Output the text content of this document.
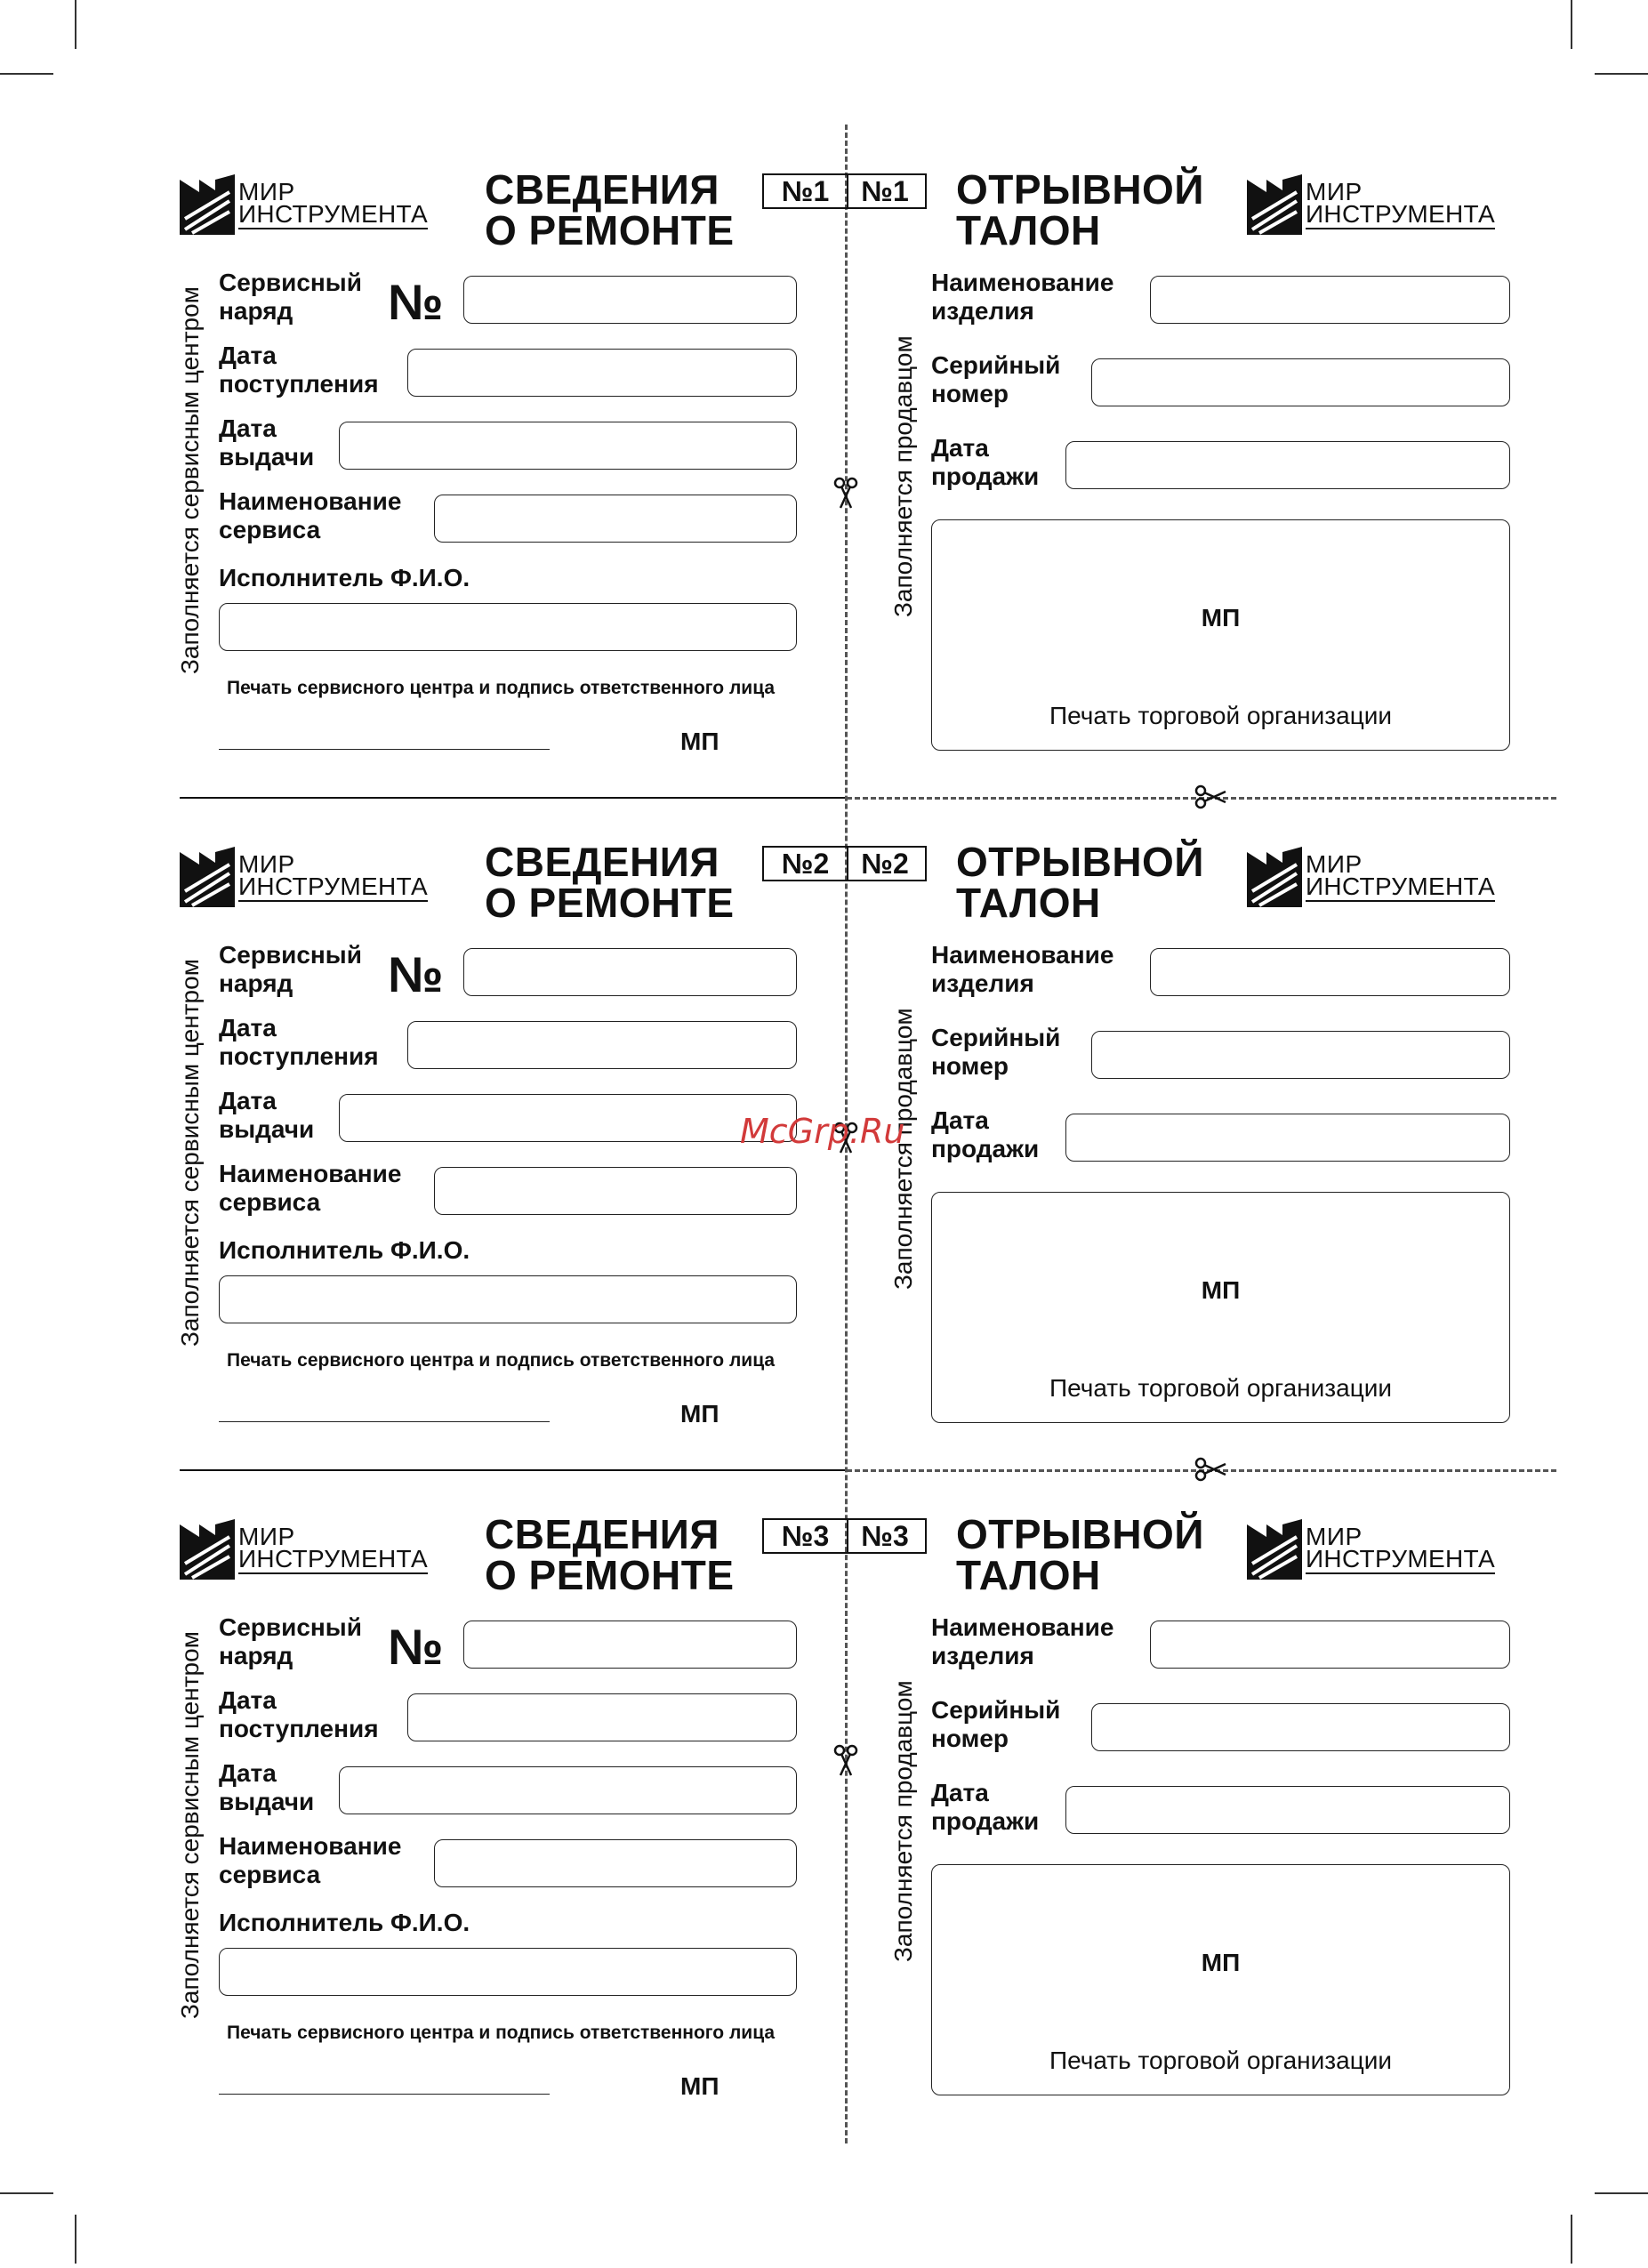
МИР
ИНСТРУМЕНТА
СВЕДЕНИЯ
О РЕМОНТЕ
№1	№1
Заполняется сервисным центром
Сервисный
наряд	№
Дата
поступления
Дата
выдачи
Наименование
сервиса
Исполнитель Ф.И.О.
Печать сервисного центра и подпись ответственного лица
МП
ОТРЫВНОЙ
ТАЛОН
МИР
ИНСТРУМЕНТА
Заполняется продавцом
Наименование
изделия
Серийный
номер
Дата
продажи
МП
Печать торговой организации
МИР
ИНСТРУМЕНТА
СВЕДЕНИЯ
О РЕМОНТЕ
№2	№2
Заполняется сервисным центром
Сервисный
наряд	№
Дата
поступления
Дата
выдачи
Наименование
сервиса
Исполнитель Ф.И.О.
Печать сервисного центра и подпись ответственного лица
МП
ОТРЫВНОЙ
ТАЛОН
МИР
ИНСТРУМЕНТА
Заполняется продавцом
Наименование
изделия
Серийный
номер
Дата
продажи
МП
Печать торговой организации
МИР
ИНСТРУМЕНТА
СВЕДЕНИЯ
О РЕМОНТЕ
№3	№3
Заполняется сервисным центром
Сервисный
наряд	№
Дата
поступления
Дата
выдачи
Наименование
сервиса
Исполнитель Ф.И.О.
Печать сервисного центра и подпись ответственного лица
МП
ОТРЫВНОЙ
ТАЛОН
МИР
ИНСТРУМЕНТА
Заполняется продавцом
Наименование
изделия
Серийный
номер
Дата
продажи
МП
Печать торговой организации
McGrp.Ru
